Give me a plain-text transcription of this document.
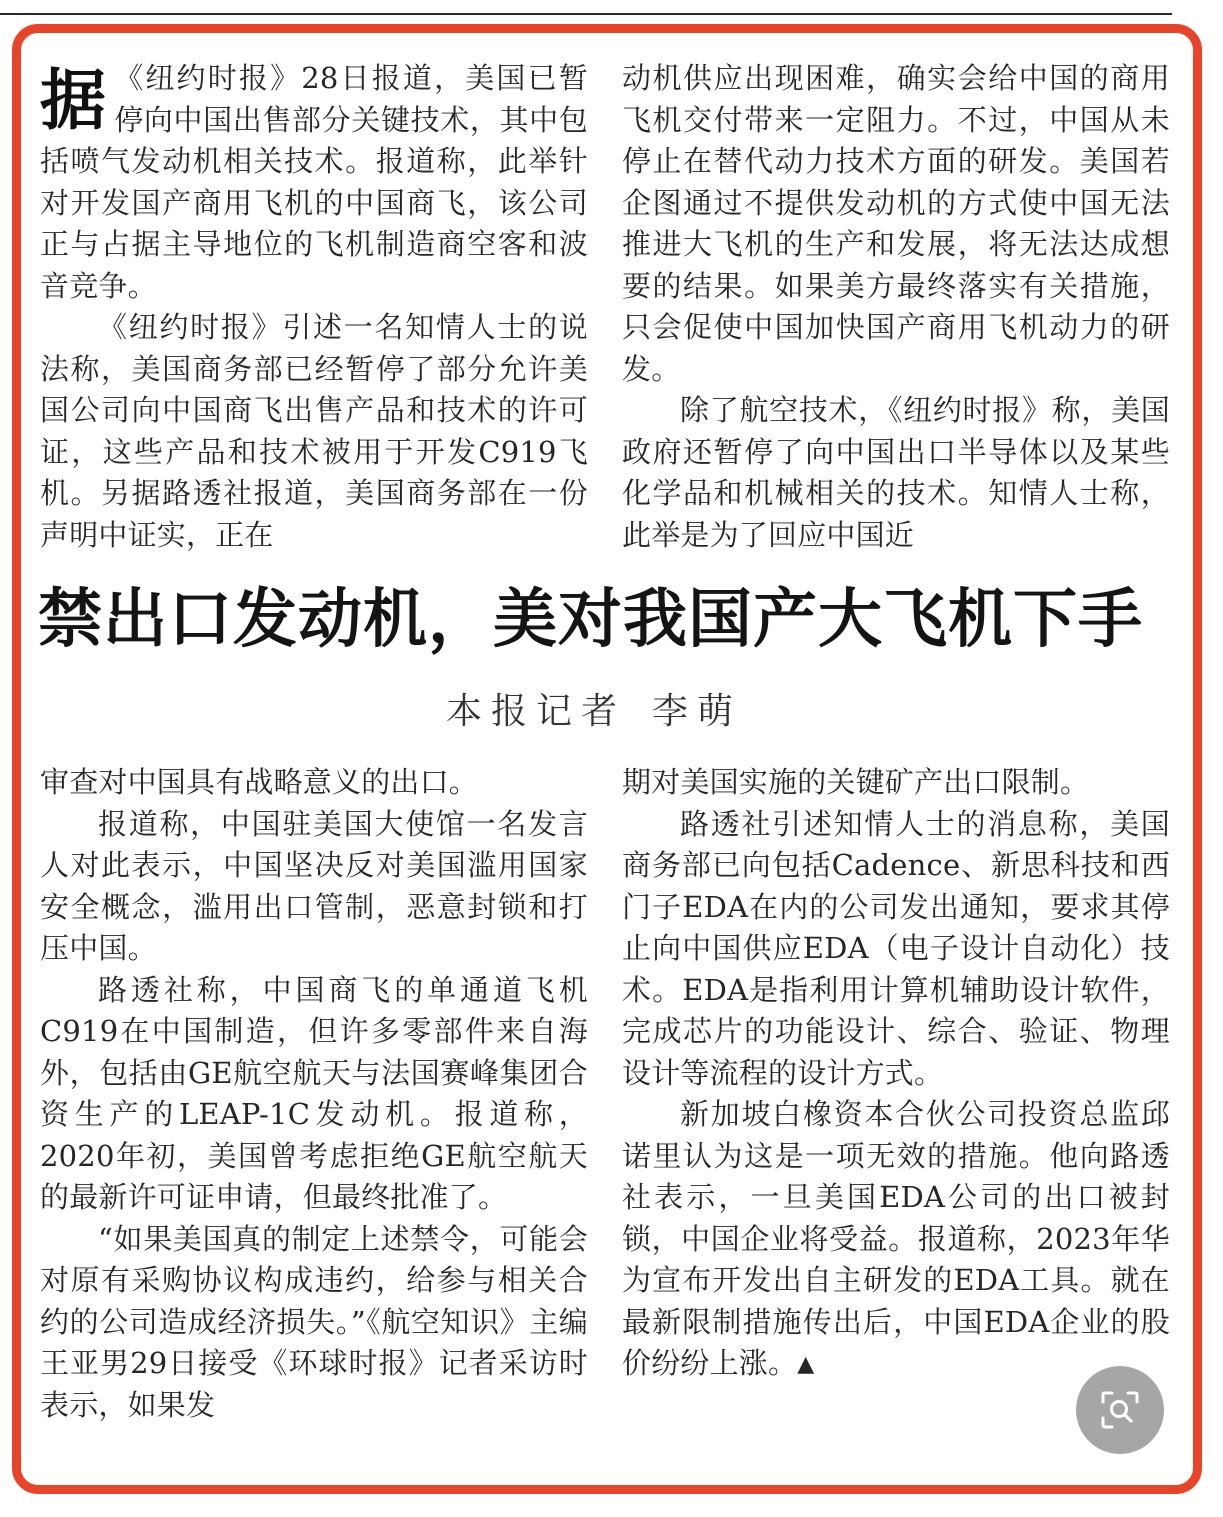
据 《纽约时报》28日报道，美国已暂停向中国出售部分关键技术，其中包括喷气发动机相关技术。报道称，此举针对开发国产商用飞机的中国商飞，该公司正与占据主导地位的飞机制造商空客和波音竞争。

《纽约时报》引述一名知情人士的说法称，美国商务部已经暂停了部分允许美国公司向中国商飞出售产品和技术的许可证，这些产品和技术被用于开发C919飞机。另据路透社报道，美国商务部在一份声明中证实，正在

动机供应出现困难，确实会给中国的商用飞机交付带来一定阻力。不过，中国从未停止在替代动力技术方面的研发。美国若企图通过不提供发动机的方式使中国无法推进大飞机的生产和发展，将无法达成想要的结果。如果美方最终落实有关措施，只会促使中国加快国产商用飞机动力的研发。

除了航空技术，《纽约时报》称，美国政府还暂停了向中国出口半导体以及某些化学品和机械相关的技术。知情人士称，此举是为了回应中国近

禁出口发动机，美对我国产大飞机下手
本报记者 李萌

审查对中国具有战略意义的出口。

报道称，中国驻美国大使馆一名发言人对此表示，中国坚决反对美国滥用国家安全概念，滥用出口管制，恶意封锁和打压中国。

路透社称，中国商飞的单通道飞机C919在中国制造，但许多零部件来自海外，包括由GE航空航天与法国赛峰集团合资生产的LEAP-1C发动机。报道称，2020年初，美国曾考虑拒绝GE航空航天的最新许可证申请，但最终批准了。

“如果美国真的制定上述禁令，可能会对原有采购协议构成违约，给参与相关合约的公司造成经济损失。”《航空知识》主编王亚男29日接受《环球时报》记者采访时表示，如果发

期对美国实施的关键矿产出口限制。

路透社引述知情人士的消息称，美国商务部已向包括Cadence、新思科技和西门子EDA在内的公司发出通知，要求其停止向中国供应EDA（电子设计自动化）技术。EDA是指利用计算机辅助设计软件，完成芯片的功能设计、综合、验证、物理设计等流程的设计方式。

新加坡白橡资本合伙公司投资总监邱诺里认为这是一项无效的措施。他向路透社表示，一旦美国EDA公司的出口被封锁，中国企业将受益。报道称，2023年华为宣布开发出自主研发的EDA工具。就在最新限制措施传出后，中国EDA企业的股价纷纷上涨。▲
